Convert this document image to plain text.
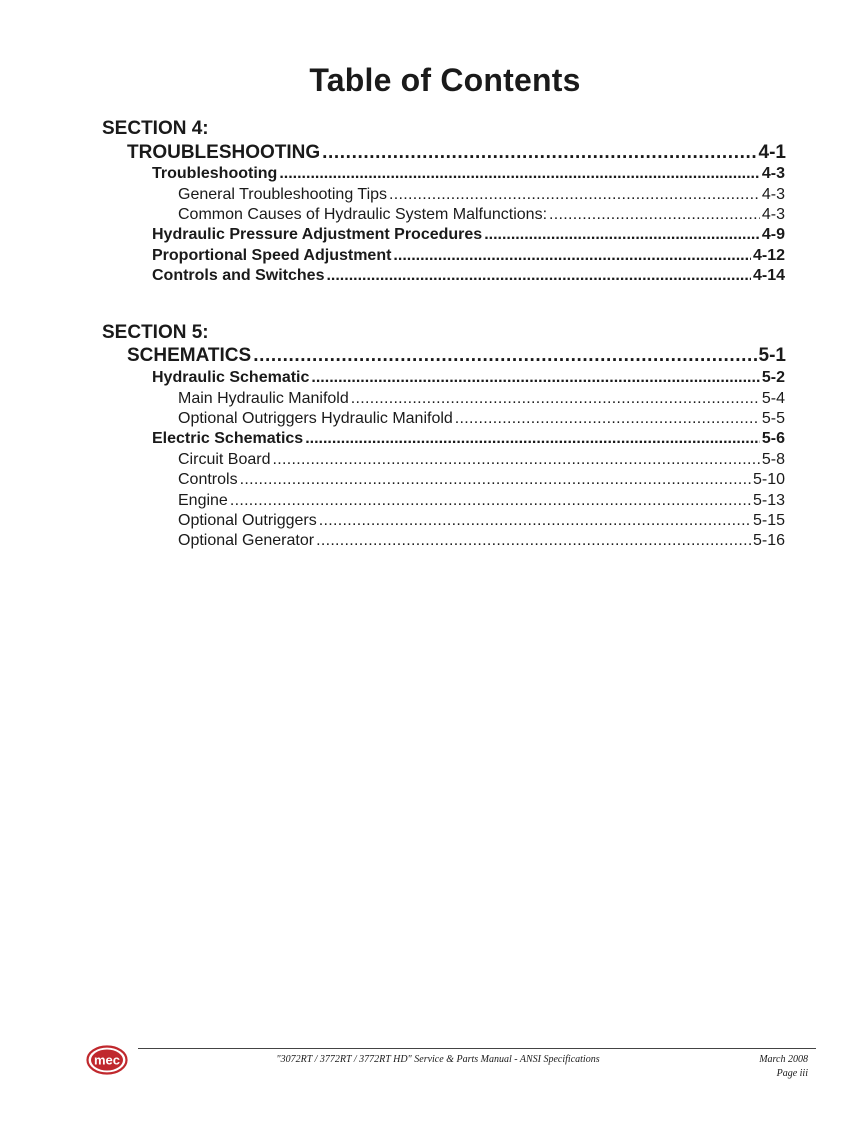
Table of Contents
SECTION 4:
TROUBLESHOOTING .....	4-1
Troubleshooting .....	4-3
General Troubleshooting Tips .....	4-3
Common Causes of Hydraulic System Malfunctions: .....	4-3
Hydraulic Pressure Adjustment Procedures .....	4-9
Proportional Speed Adjustment .....	4-12
Controls and Switches .....	4-14
SECTION 5:
SCHEMATICS .....	5-1
Hydraulic Schematic .....	5-2
Main Hydraulic Manifold .....	5-4
Optional Outriggers Hydraulic Manifold .....	5-5
Electric Schematics .....	5-6
Circuit Board .....	5-8
Controls .....	5-10
Engine .....	5-13
Optional Outriggers .....	5-15
Optional Generator .....	5-16
mec	"3072RT / 3772RT / 3772RT HD" Service & Parts Manual - ANSI Specifications	March 2008
Page iii
